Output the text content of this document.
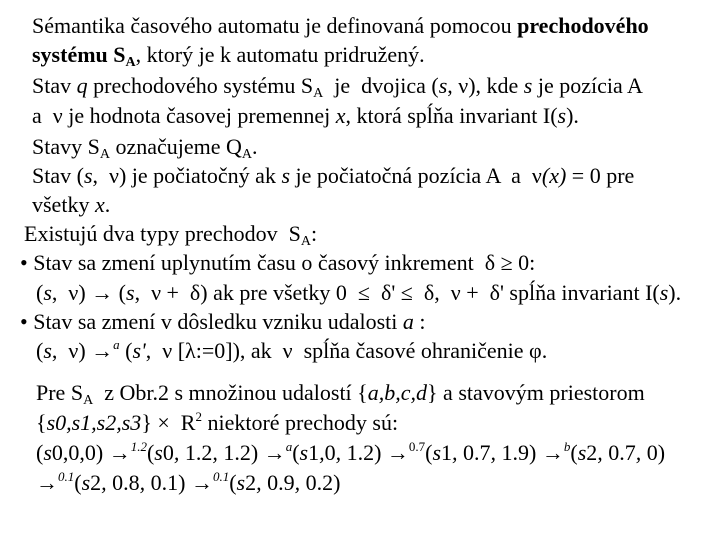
Sémantika časového automatu je definovaná pomocou prechodového
systému $S_A$, ktorý je k automatu pridružený.
Stav q prechodového systému $S_A$  je  dvojica (s, ν), kde s je pozícia A
a  ν je hodnota časovej premennej x, ktorá spĺňa invariant I(s).
Stavy $S_A$ označujeme $Q_A$.
Stav (s,  ν) je počiatočný ak s je počiatočná pozícia A  a  ν(x) = 0 pre
všetky x.
Existujú dva typy prechodov  $S_A$:
• Stav sa zmení uplynutím času o časový inkrement  δ ≥ 0:
(s,  ν) → (s,  ν +  δ) ak pre všetky 0  ≤  δ' ≤  δ,  ν +  δ' spĺňa invariant I(s).
• Stav sa zmení v dôsledku vzniku udalosti a :
(s,  ν) →$^a$ (s',  ν [λ:=0]), ak  ν  spĺňa časové ohraničenie φ.
Pre $S_A$  z Obr.2 s množinou udalostí {a,b,c,d} a stavovým priestorom
$\{s0,s1,s2,s3\} \times R^2$ niektoré prechody sú:
(s0,0,0) →$^{1.2}$(s0, 1.2, 1.2) →$^a$(s1,0, 1.2) →$^{0.7}$(s1, 0.7, 1.9) →$^b$(s2, 0.7, 0)
→$^{0.1}$(s2, 0.8, 0.1) →$^{0.1}$(s2, 0.9, 0.2)
